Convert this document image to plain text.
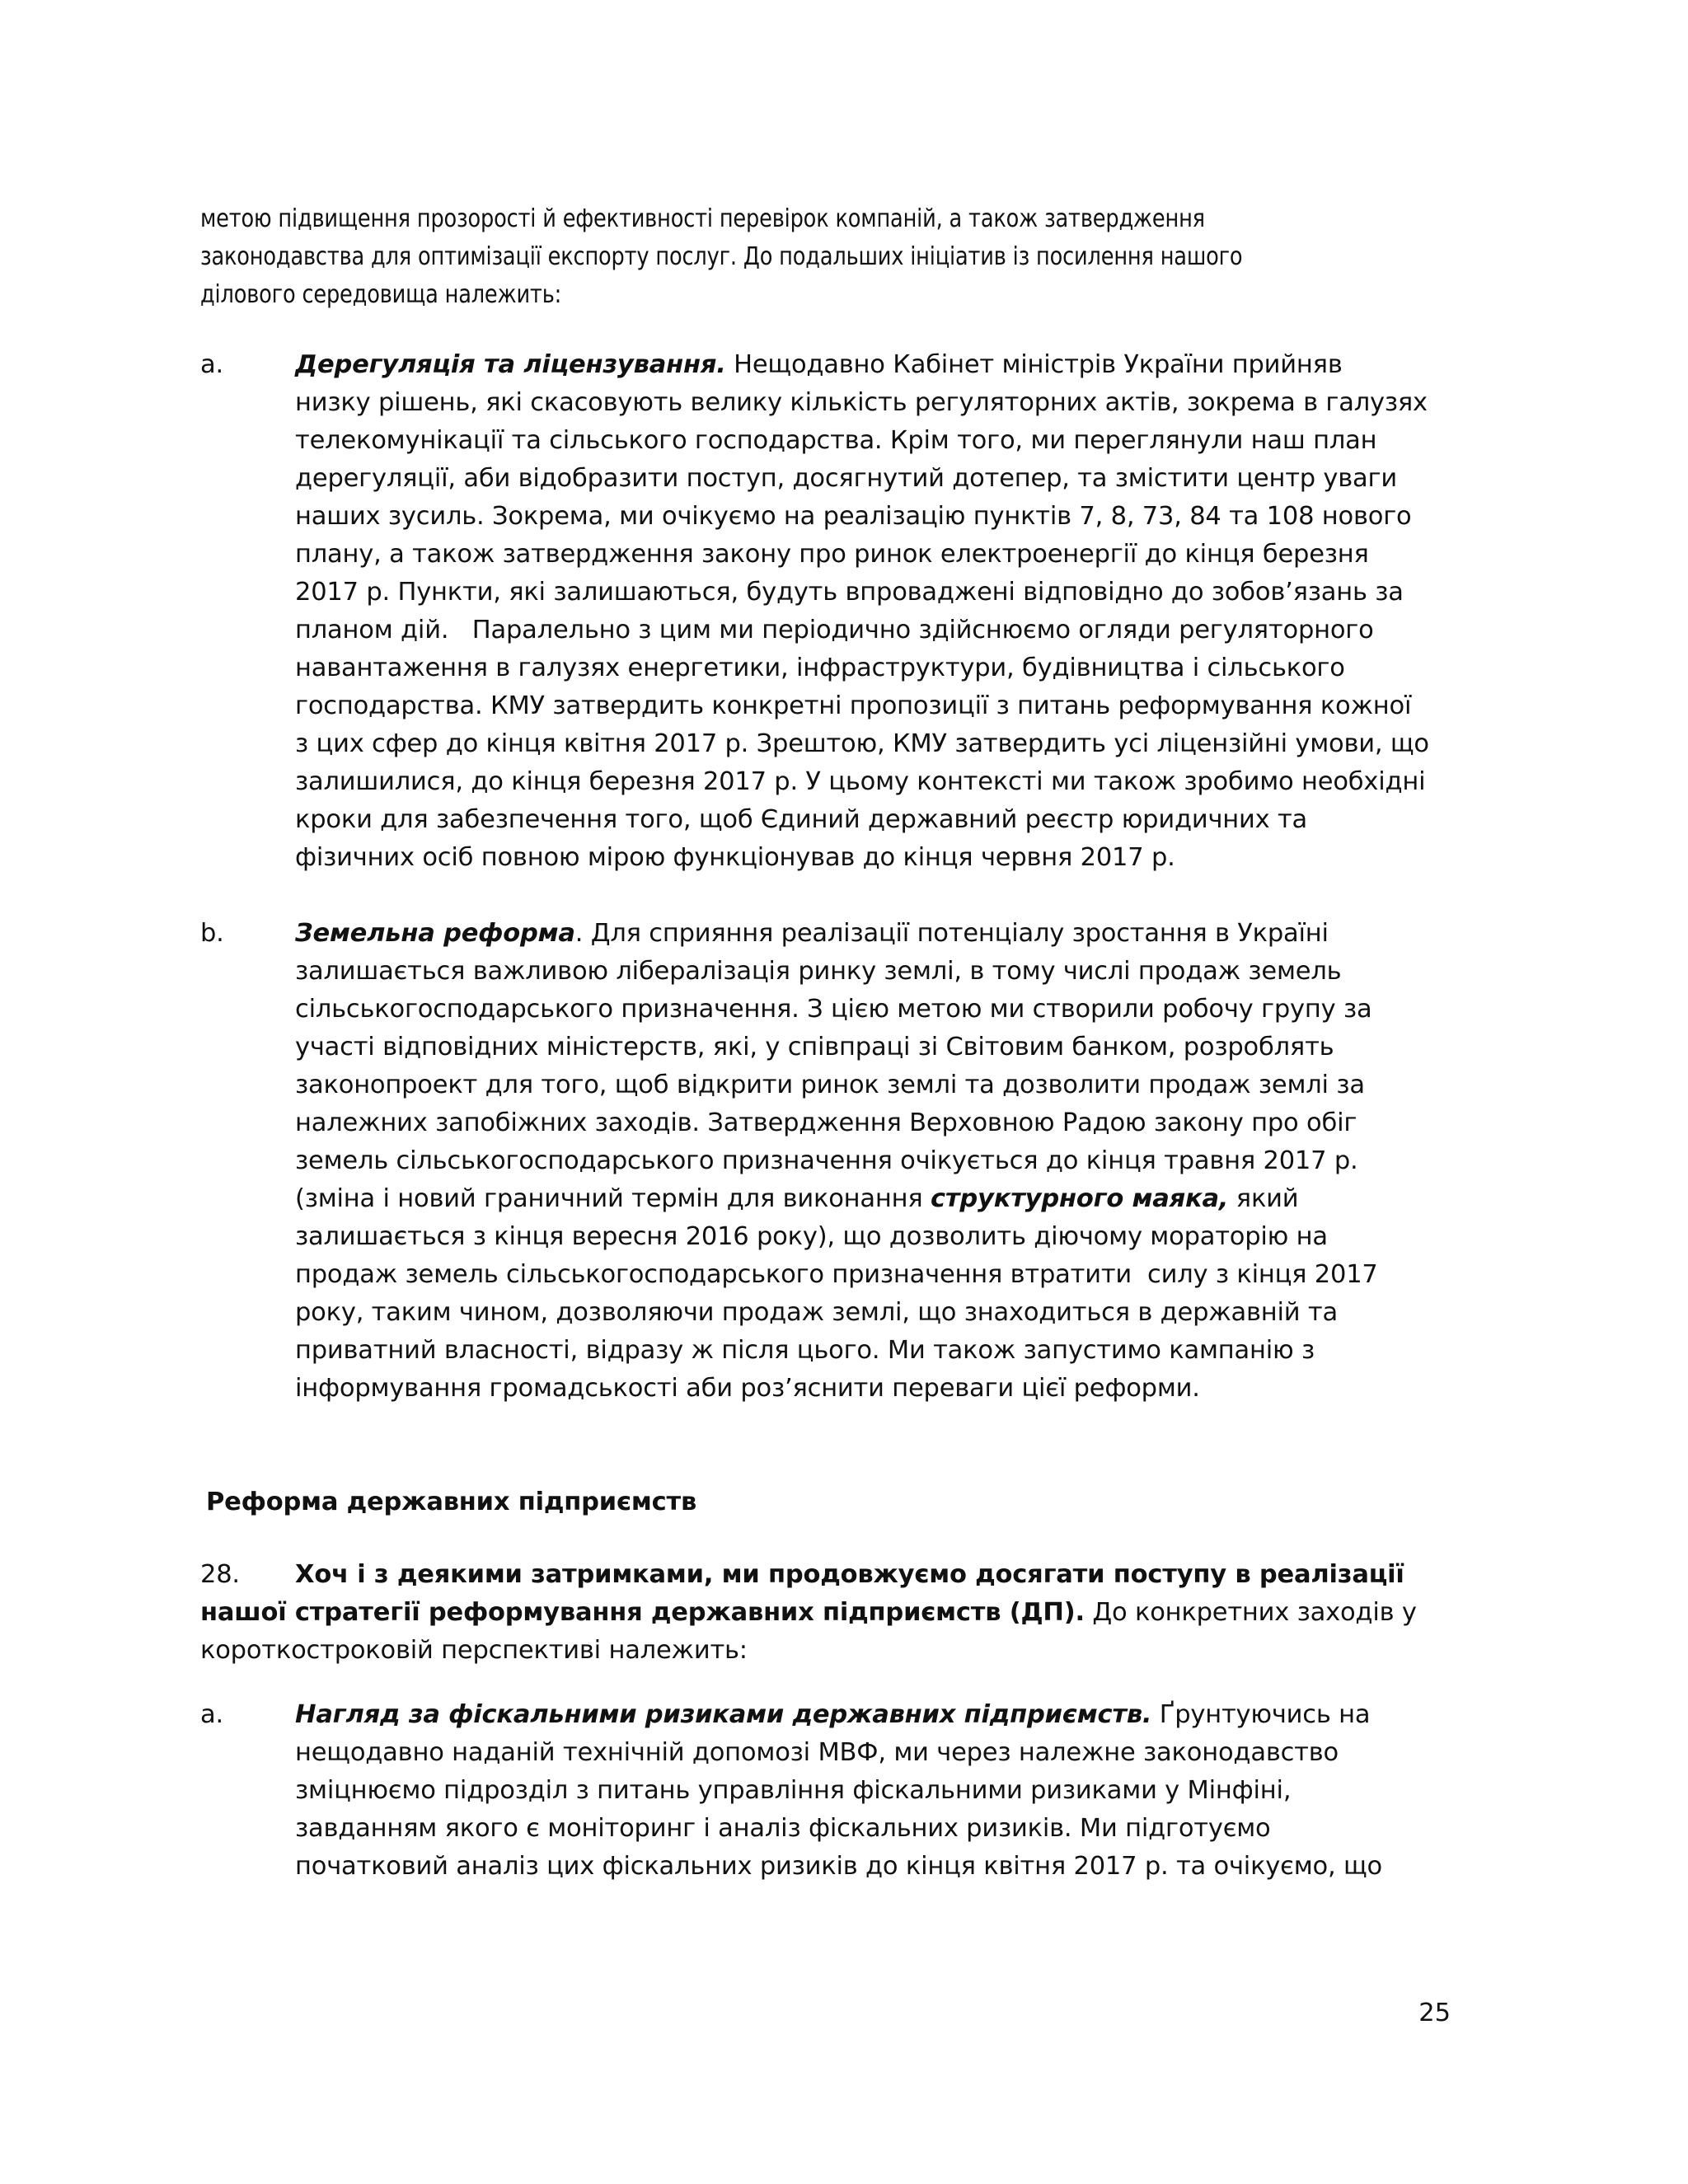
метою підвищення прозорості й ефективності перевірок компаній, а також затвердження
законодавства для оптимізації експорту послуг. До подальших ініціатив із посилення нашого
ділового середовища належить:
a.	Дерегуляція та ліцензування. Нещодавно Кабінет міністрів України прийняв
низку рішень, які скасовують велику кількість регуляторних актів, зокрема в галузях
телекомунікації та сільського господарства. Крім того, ми переглянули наш план
дерегуляції, аби відобразити поступ, досягнутий дотепер, та змістити центр уваги
наших зусиль. Зокрема, ми очікуємо на реалізацію пунктів 7, 8, 73, 84 та 108 нового
плану, а також затвердження закону про ринок електроенергії до кінця березня
2017 р. Пункти, які залишаються, будуть впроваджені відповідно до зобов’язань за
планом дій.   Паралельно з цим ми періодично здійснюємо огляди регуляторного
навантаження в галузях енергетики, інфраструктури, будівництва і сільського
господарства. КМУ затвердить конкретні пропозиції з питань реформування кожної
з цих сфер до кінця квітня 2017 р. Зрештою, КМУ затвердить усі ліцензійні умови, що
залишилися, до кінця березня 2017 р. У цьому контексті ми також зробимо необхідні
кроки для забезпечення того, щоб Єдиний державний реєстр юридичних та
фізичних осіб повною мірою функціонував до кінця червня 2017 р.
b.	Земельна реформа. Для сприяння реалізації потенціалу зростання в Україні
залишається важливою лібералізація ринку землі, в тому числі продаж земель
сільськогосподарського призначення. З цією метою ми створили робочу групу за
участі відповідних міністерств, які, у співпраці зі Світовим банком, розроблять
законопроект для того, щоб відкрити ринок землі та дозволити продаж землі за
належних запобіжних заходів. Затвердження Верховною Радою закону про обіг
земель сільськогосподарського призначення очікується до кінця травня 2017 р.
(зміна і новий граничний термін для виконання структурного маяка, який
залишається з кінця вересня 2016 року), що дозволить діючому мораторію на
продаж земель сільськогосподарського призначення втратити  силу з кінця 2017
року, таким чином, дозволяючи продаж землі, що знаходиться в державній та
приватний власності, відразу ж після цього. Ми також запустимо кампанію з
інформування громадськості аби роз’яснити переваги цієї реформи.
Реформа державних підприємств
28.	Хоч і з деякими затримками, ми продовжуємо досягати поступу в реалізації
нашої стратегії реформування державних підприємств (ДП). До конкретних заходів у
короткостроковій перспективі належить:
a.	Нагляд за фіскальними ризиками державних підприємств. Ґрунтуючись на
нещодавно наданій технічній допомозі МВФ, ми через належне законодавство
зміцнюємо підрозділ з питань управління фіскальними ризиками у Мінфіні,
завданням якого є моніторинг і аналіз фіскальних ризиків. Ми підготуємо
початковий аналіз цих фіскальних ризиків до кінця квітня 2017 р. та очікуємо, що
25
